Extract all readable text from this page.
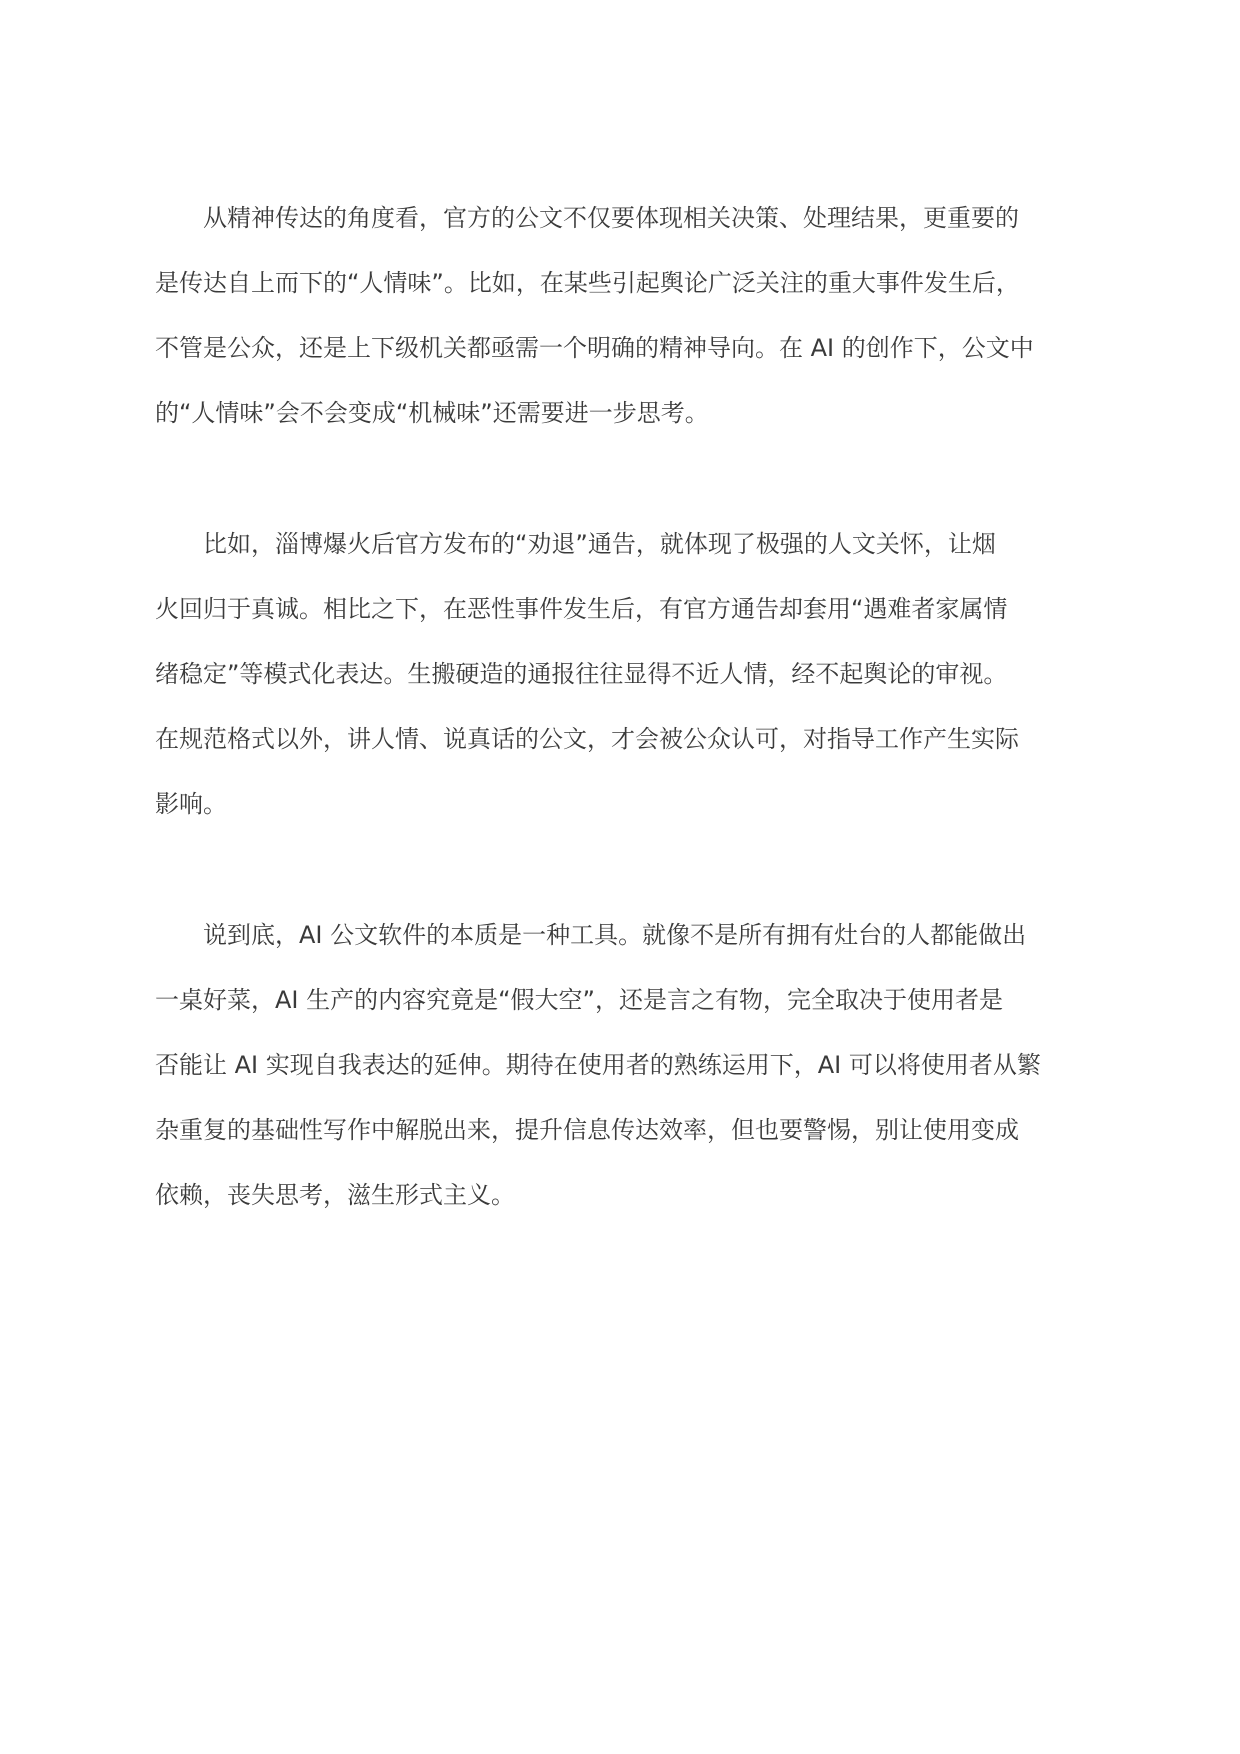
从精神传达的角度看，官方的公文不仅要体现相关决策、处理结果，更重要的
是传达自上而下的“人情味”。比如，在某些引起舆论广泛关注的重大事件发生后，
不管是公众，还是上下级机关都亟需一个明确的精神导向。在 AI 的创作下，公文中
的“人情味”会不会变成“机械味”还需要进一步思考。
比如，淄博爆火后官方发布的“劝退”通告，就体现了极强的人文关怀，让烟
火回归于真诚。相比之下，在恶性事件发生后，有官方通告却套用“遇难者家属情
绪稳定”等模式化表达。生搬硬造的通报往往显得不近人情，经不起舆论的审视。
在规范格式以外，讲人情、说真话的公文，才会被公众认可，对指导工作产生实际
影响。
说到底，AI 公文软件的本质是一种工具。就像不是所有拥有灶台的人都能做出
一桌好菜，AI 生产的内容究竟是“假大空”，还是言之有物，完全取决于使用者是
否能让 AI 实现自我表达的延伸。期待在使用者的熟练运用下，AI 可以将使用者从繁
杂重复的基础性写作中解脱出来，提升信息传达效率，但也要警惕，别让使用变成
依赖，丧失思考，滋生形式主义。
